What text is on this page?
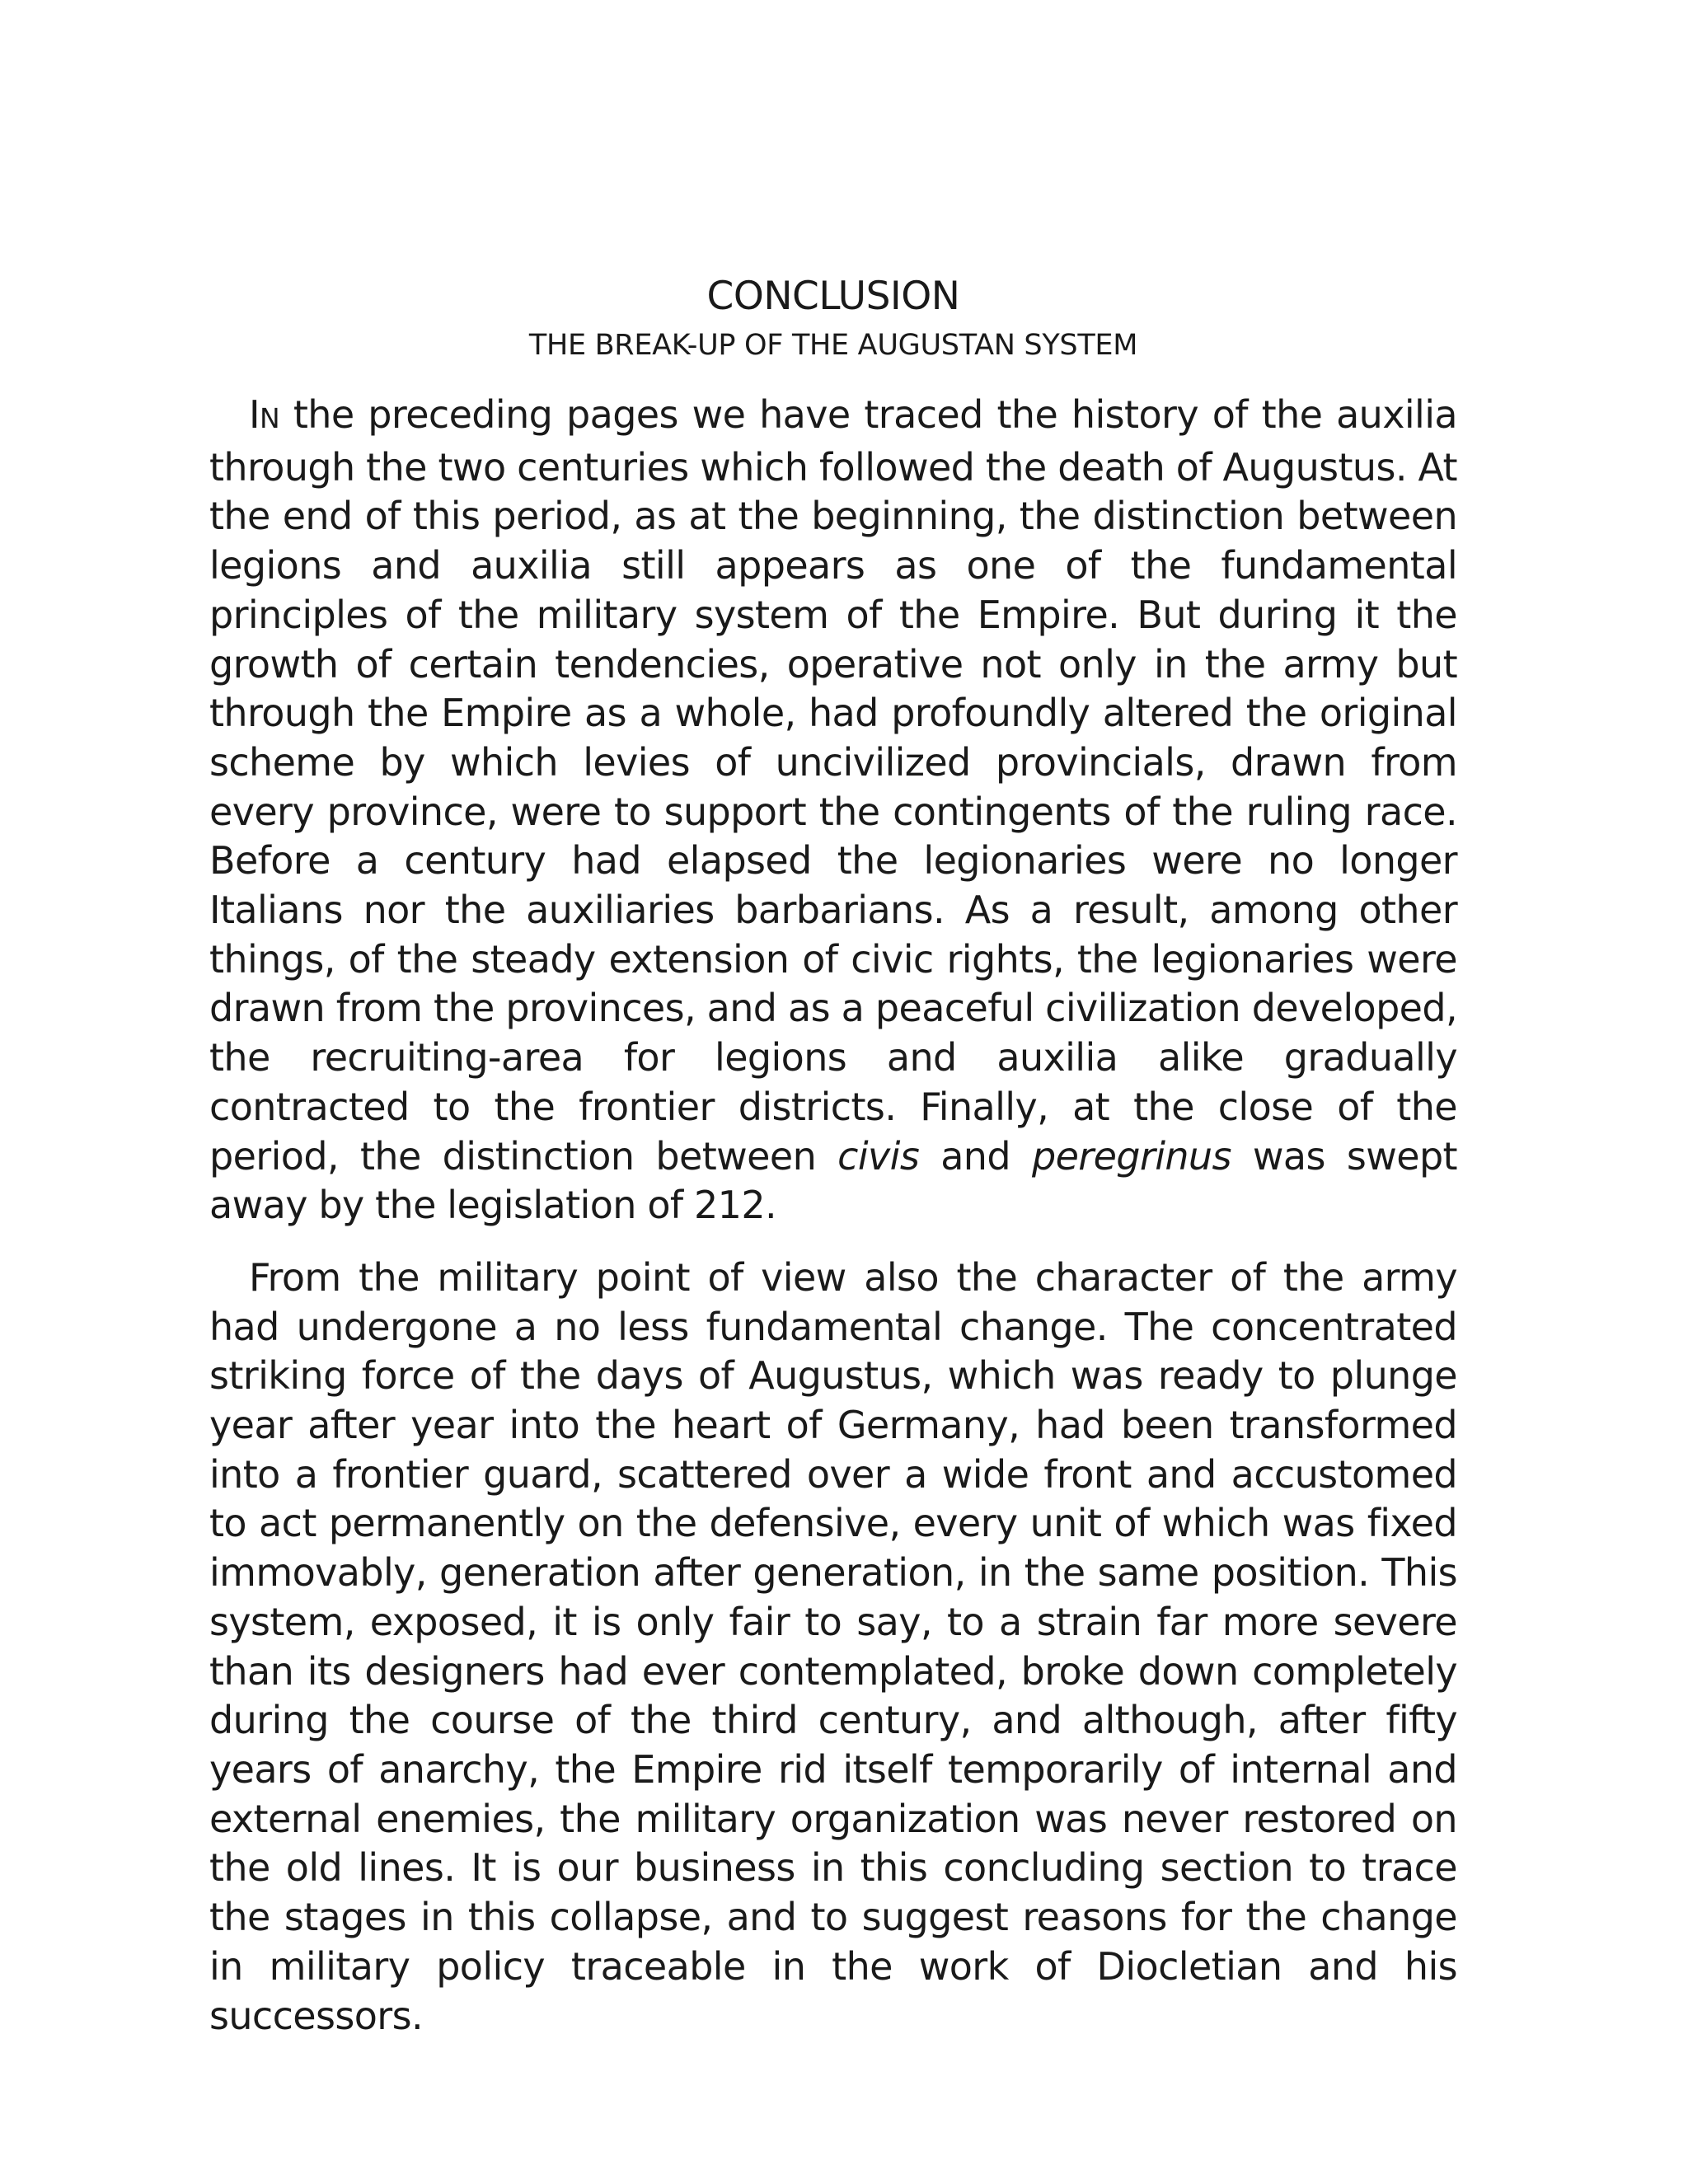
CONCLUSION
THE BREAK-UP OF THE AUGUSTAN SYSTEM

IN the preceding pages we have traced the history of the auxilia through the two centuries which followed the death of Augustus. At the end of this period, as at the beginning, the distinction between legions and auxilia still appears as one of the fundamental principles of the military system of the Empire. But during it the growth of certain tendencies, operative not only in the army but through the Empire as a whole, had profoundly altered the original scheme by which levies of uncivilized provincials, drawn from every province, were to support the contingents of the ruling race. Before a century had elapsed the legionaries were no longer Italians nor the auxiliaries barbarians. As a result, among other things, of the steady extension of civic rights, the legionaries were drawn from the provinces, and as a peaceful civilization developed, the recruiting-area for legions and auxilia alike gradually contracted to the frontier districts. Finally, at the close of the period, the distinction between civis and peregrinus was swept away by the legislation of 212.

From the military point of view also the character of the army had undergone a no less fundamental change. The concentrated striking force of the days of Augustus, which was ready to plunge year after year into the heart of Germany, had been transformed into a frontier guard, scattered over a wide front and accustomed to act permanently on the defensive, every unit of which was fixed immovably, generation after generation, in the same position. This system, exposed, it is only fair to say, to a strain far more severe than its designers had ever contemplated, broke down completely during the course of the third century, and although, after fifty years of anarchy, the Empire rid itself temporarily of internal and external enemies, the military organization was never restored on the old lines. It is our business in this concluding section to trace the stages in this collapse, and to suggest reasons for the change in military policy traceable in the work of Diocletian and his successors.
